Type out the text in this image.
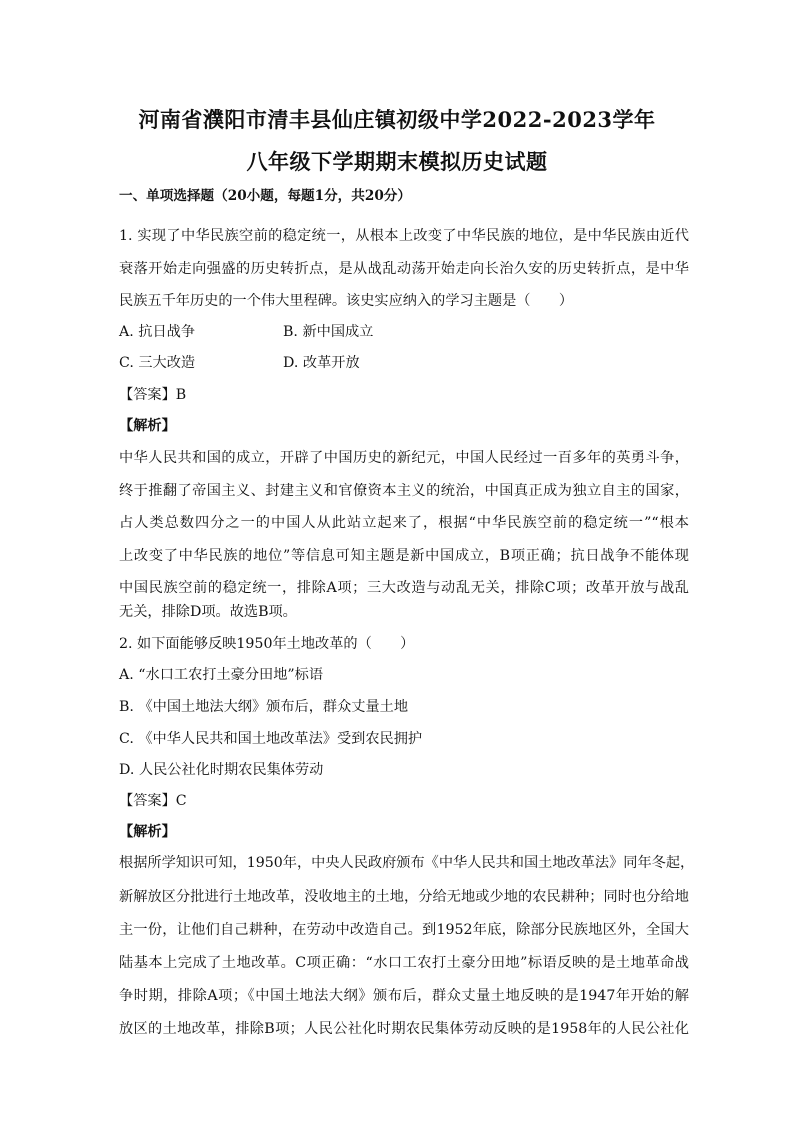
河南省濮阳市清丰县仙庄镇初级中学2022-2023学年
八年级下学期期末模拟历史试题
一、单项选择题（20小题，每题1分，共20分）
1. 实现了中华民族空前的稳定统一，从根本上改变了中华民族的地位，是中华民族由近代
衰落开始走向强盛的历史转折点，是从战乱动荡开始走向长治久安的历史转折点，是中华
民族五千年历史的一个伟大里程碑。该史实应纳入的学习主题是（　　）
A. 抗日战争	B. 新中国成立
C. 三大改造	D. 改革开放
【答案】B
【解析】
中华人民共和国的成立，开辟了中国历史的新纪元，中国人民经过一百多年的英勇斗争，
终于推翻了帝国主义、封建主义和官僚资本主义的统治，中国真正成为独立自主的国家，
占人类总数四分之一的中国人从此站立起来了，根据“中华民族空前的稳定统一”“根本
上改变了中华民族的地位”等信息可知主题是新中国成立，B项正确；抗日战争不能体现
中国民族空前的稳定统一，排除A项；三大改造与动乱无关，排除C项；改革开放与战乱
无关，排除D项。故选B项。
2. 如下面能够反映1950年土地改革的（　　）
A. “水口工农打土豪分田地”标语
B. 《中国土地法大纲》颁布后，群众丈量土地
C. 《中华人民共和国土地改革法》受到农民拥护
D. 人民公社化时期农民集体劳动
【答案】C
【解析】
根据所学知识可知，1950年，中央人民政府颁布《中华人民共和国土地改革法》同年冬起，
新解放区分批进行土地改革，没收地主的土地，分给无地或少地的农民耕种；同时也分给地
主一份，让他们自己耕种，在劳动中改造自己。到1952年底，除部分民族地区外，全国大
陆基本上完成了土地改革。C项正确：“水口工农打土豪分田地”标语反映的是土地革命战
争时期，排除A项；《中国土地法大纲》颁布后，群众丈量土地反映的是1947年开始的解
放区的土地改革，排除B项；人民公社化时期农民集体劳动反映的是1958年的人民公社化
